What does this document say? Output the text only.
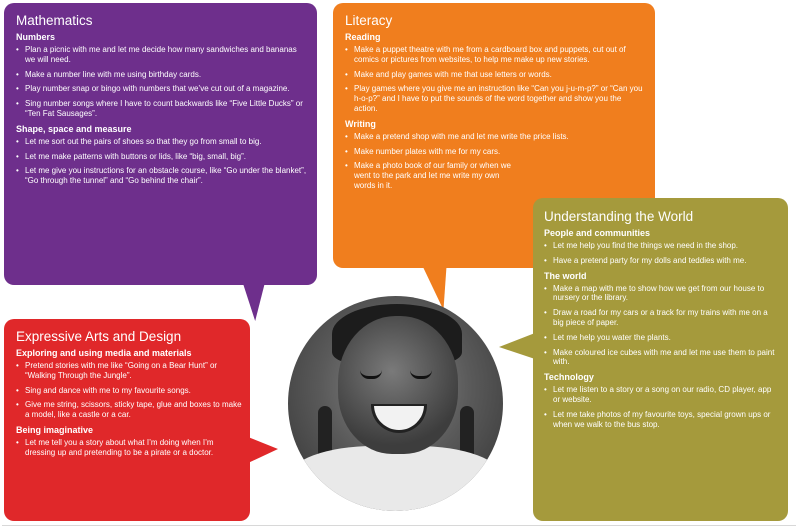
Mathematics
Numbers
• Plan a picnic with me and let me decide how many sandwiches and bananas we will need.
• Make a number line with me using birthday cards.
• Play number snap or bingo with numbers that we’ve cut out of a magazine.
• Sing number songs where I have to count backwards like “Five Little Ducks” or “Ten Fat Sausages”.
Shape, space and measure
• Let me sort out the pairs of shoes so that they go from small to big.
• Let me make patterns with buttons or lids, like “big, small, big”.
• Let me give you instructions for an obstacle course, like “Go under the blanket”, “Go through the tunnel” and “Go behind the chair”.
Literacy
Reading
• Make a puppet theatre with me from a cardboard box and puppets, cut out of comics or pictures from websites, to help me make up new stories.
• Make and play games with me that use letters or words.
• Play games where you give me an instruction like “Can you j-u-m-p?” or “Can you h-o-p?” and I have to put the sounds of the word together and show you the action.
Writing
• Make a pretend shop with me and let me write the price lists.
• Make number plates with me for my cars.
• Make a photo book of our family or when we went to the park and let me write my own words in it.
Understanding the World
People and communities
• Let me help you find the things we need in the shop.
• Have a pretend party for my dolls and teddies with me.
The world
• Make a map with me to show how we get from our house to nursery or the library.
• Draw a road for my cars or a track for my trains with me on a big piece of paper.
• Let me help you water the plants.
• Make coloured ice cubes with me and let me use them to paint with.
Technology
• Let me listen to a story or a song on our radio, CD player, app or website.
• Let me take photos of my favourite toys, special grown ups or when we walk to the bus stop.
Expressive Arts and Design
Exploring and using media and materials
• Pretend stories with me like “Going on a Bear Hunt” or “Walking Through the Jungle”.
• Sing and dance with me to my favourite songs.
• Give me string, scissors, sticky tape, glue and boxes to make a model, like a castle or a car.
Being imaginative
• Let me tell you a story about what I’m doing when I’m dressing up and pretending to be a pirate or a doctor.
